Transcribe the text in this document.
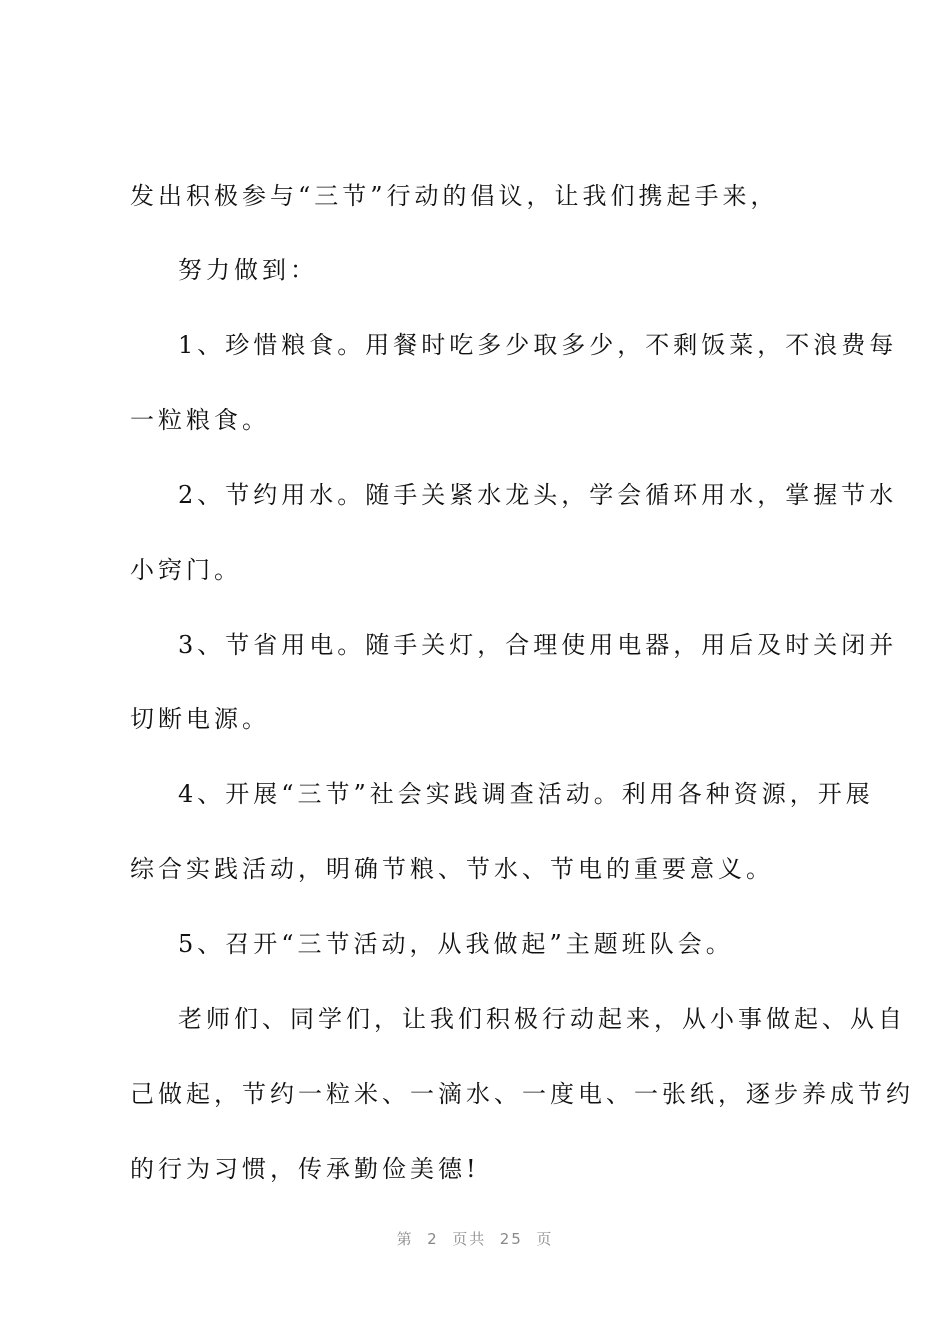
发出积极参与“三节”行动的倡议，让我们携起手来，
努力做到：
1、珍惜粮食。用餐时吃多少取多少，不剩饭菜，不浪费每
一粒粮食。
2、节约用水。随手关紧水龙头，学会循环用水，掌握节水
小窍门。
3、节省用电。随手关灯，合理使用电器，用后及时关闭并
切断电源。
4、开展“三节”社会实践调查活动。利用各种资源，开展
综合实践活动，明确节粮、节水、节电的重要意义。
5、召开“三节活动，从我做起”主题班队会。
老师们、同学们，让我们积极行动起来，从小事做起、从自
己做起，节约一粒米、一滴水、一度电、一张纸，逐步养成节约
的行为习惯，传承勤俭美德!
第  2  页共  25  页
